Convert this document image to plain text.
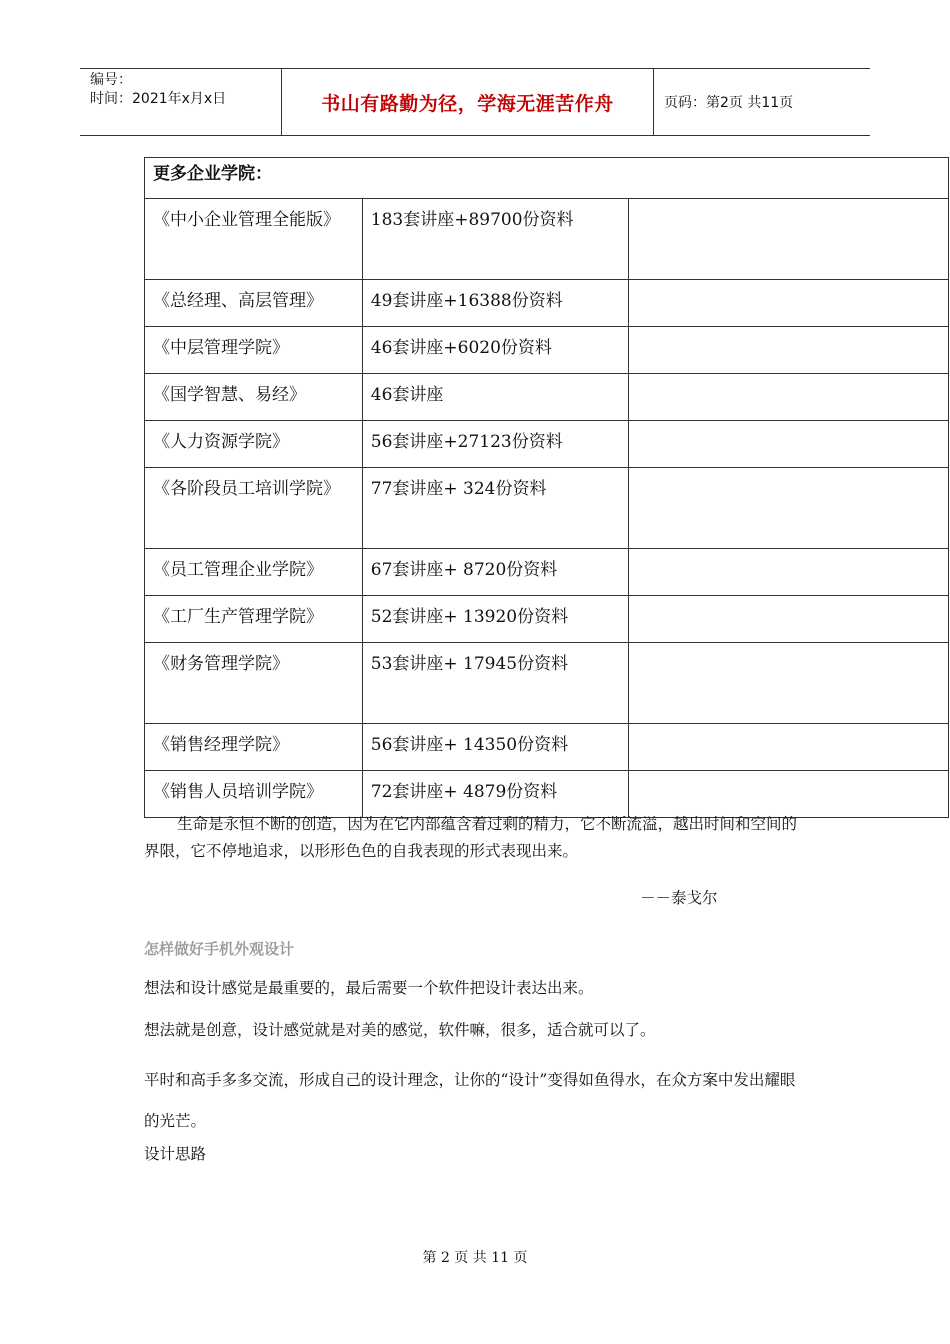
编号：
时间：2021年x月x日	书山有路勤为径，学海无涯苦作舟	页码：第2页 共11页
更多企业学院：		
《中小企业管理全能版》	183套讲座+89700份资料	
《总经理、高层管理》	49套讲座+16388份资料	
《中层管理学院》	46套讲座+6020份资料	
《国学智慧、易经》	46套讲座	
《人力资源学院》	56套讲座+27123份资料	
《各阶段员工培训学院》	77套讲座+ 324份资料	
《员工管理企业学院》	67套讲座+ 8720份资料	
《工厂生产管理学院》	52套讲座+ 13920份资料	
《财务管理学院》	53套讲座+ 17945份资料	
《销售经理学院》	56套讲座+ 14350份资料	
《销售人员培训学院》	72套讲座+ 4879份资料	
生命是永恒不断的创造，因为在它内部蕴含着过剩的精力，它不断流溢，越出时间和空间的界限，它不停地追求，以形形色色的自我表现的形式表现出来。
－－泰戈尔
怎样做好手机外观设计
想法和设计感觉是最重要的，最后需要一个软件把设计表达出来。
想法就是创意，设计感觉就是对美的感觉，软件嘛，很多，适合就可以了。
平时和高手多多交流，形成自己的设计理念，让你的“设计”变得如鱼得水，在众方案中发出耀眼的光芒。
设计思路
第 2 页 共 11 页
